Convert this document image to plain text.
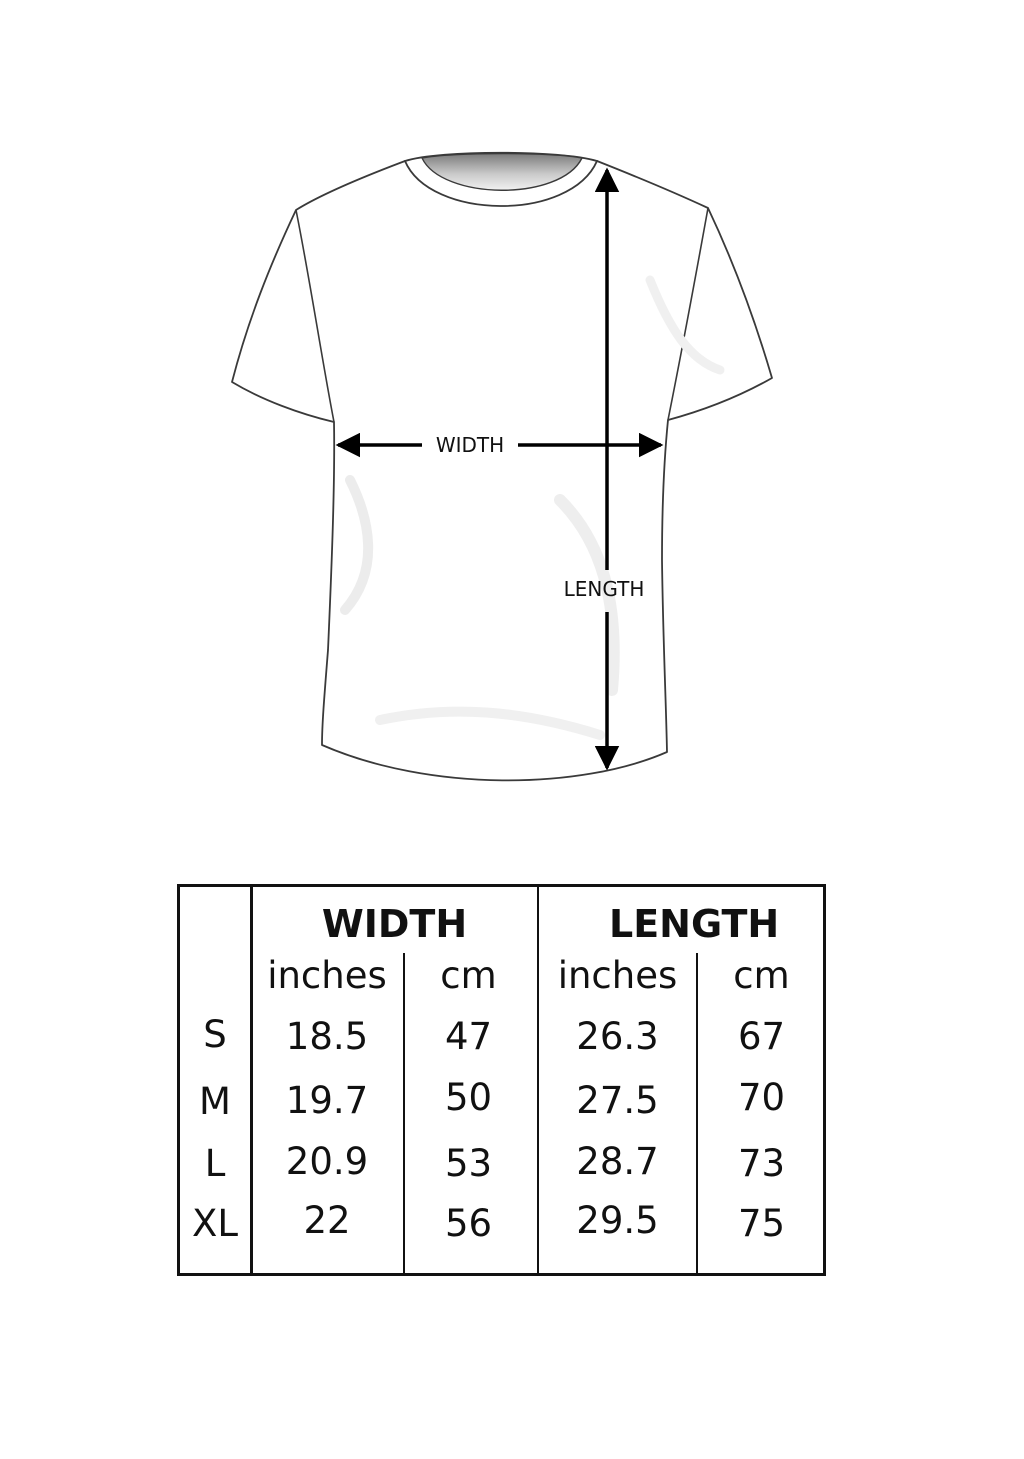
WIDTH
LENGTH
WIDTH	LENGTH
inches	cm	inches	cm
S	18.5	47	26.3	67
M	19.7	50	27.5	70
L	20.9	53	28.7	73
XL	22	56	29.5	75
